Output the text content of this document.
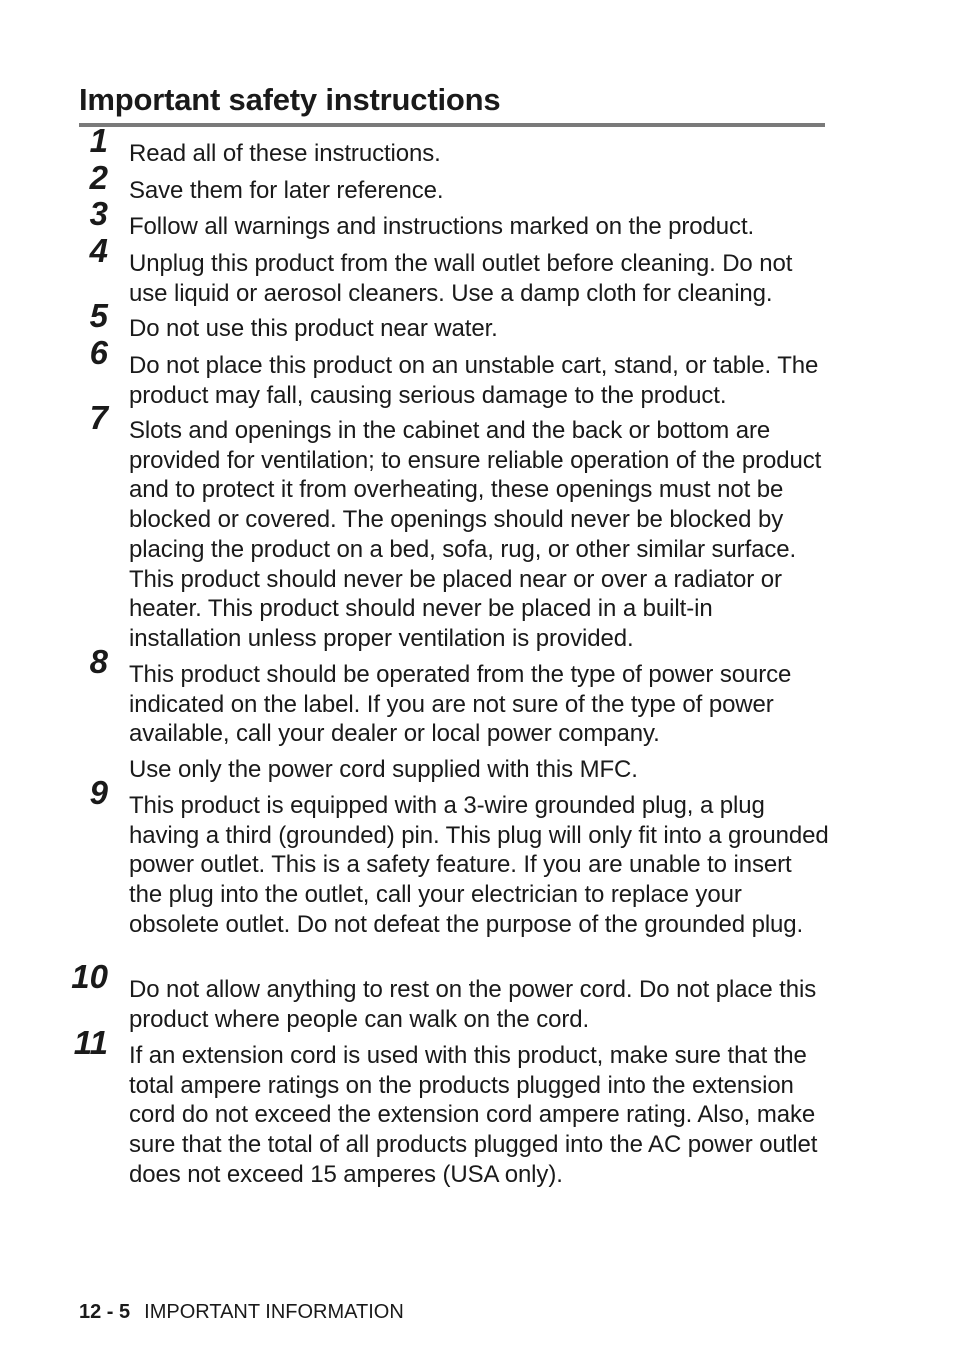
Important safety instructions
1 Read all of these instructions.

2 Save them for later reference.

3 Follow all warnings and instructions marked on the product.

4 Unplug this product from the wall outlet before cleaning. Do not use liquid or aerosol cleaners. Use a damp cloth for cleaning.

5 Do not use this product near water.

6 Do not place this product on an unstable cart, stand, or table. The product may fall, causing serious damage to the product.

7 Slots and openings in the cabinet and the back or bottom are provided for ventilation; to ensure reliable operation of the product and to protect it from overheating, these openings must not be blocked or covered. The openings should never be blocked by placing the product on a bed, sofa, rug, or other similar surface. This product should never be placed near or over a radiator or heater. This product should never be placed in a built-in installation unless proper ventilation is provided.

8 This product should be operated from the type of power source indicated on the label. If you are not sure of the type of power available, call your dealer or local power company.

Use only the power cord supplied with this MFC.

9 This product is equipped with a 3-wire grounded plug, a plug having a third (grounded) pin. This plug will only fit into a grounded power outlet. This is a safety feature. If you are unable to insert the plug into the outlet, call your electrician to replace your obsolete outlet. Do not defeat the purpose of the grounded plug.

10 Do not allow anything to rest on the power cord. Do not place this product where people can walk on the cord.

11 If an extension cord is used with this product, make sure that the total ampere ratings on the products plugged into the extension cord do not exceed the extension cord ampere rating. Also, make sure that the total of all products plugged into the AC power outlet does not exceed 15 amperes (USA only).

12 - 5 IMPORTANT INFORMATION
